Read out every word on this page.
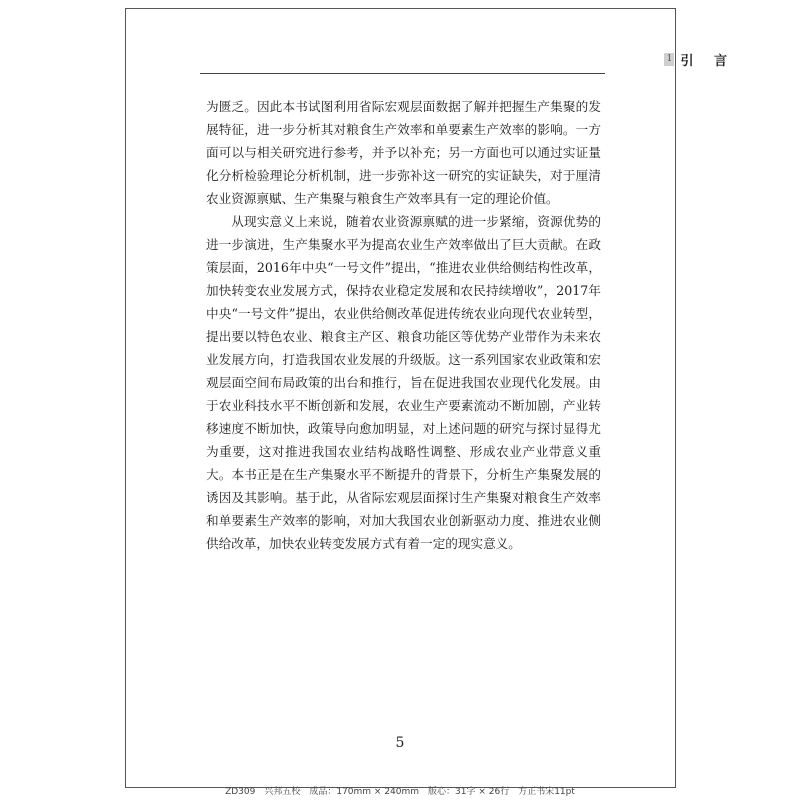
1 引 言

为匮乏。因此本书试图利用省际宏观层面数据了解并把握生产集聚的发展特征，进一步分析其对粮食生产效率和单要素生产效率的影响。一方面可以与相关研究进行参考，并予以补充；另一方面也可以通过实证量化分析检验理论分析机制，进一步弥补这一研究的实证缺失，对于厘清农业资源禀赋、生产集聚与粮食生产效率具有一定的理论价值。

从现实意义上来说，随着农业资源禀赋的进一步紧缩，资源优势的进一步演进，生产集聚水平为提高农业生产效率做出了巨大贡献。在政策层面，2016年中央“一号文件”提出，“推进农业供给侧结构性改革，加快转变农业发展方式，保持农业稳定发展和农民持续增收”，2017年中央“一号文件”提出，农业供给侧改革促进传统农业向现代农业转型，提出要以特色农业、粮食主产区、粮食功能区等优势产业带作为未来农业发展方向，打造我国农业发展的升级版。这一系列国家农业政策和宏观层面空间布局政策的出台和推行，旨在促进我国农业现代化发展。由于农业科技水平不断创新和发展，农业生产要素流动不断加剧，产业转移速度不断加快，政策导向愈加明显，对上述问题的研究与探讨显得尤为重要，这对推进我国农业结构战略性调整、形成农业产业带意义重大。本书正是在生产集聚水平不断提升的背景下，分析生产集聚发展的诱因及其影响。基于此，从省际宏观层面探讨生产集聚对粮食生产效率和单要素生产效率的影响，对加大我国农业创新驱动力度、推进农业侧供给改革，加快农业转变发展方式有着一定的现实意义。

5
ZD309　兴邦五校　成品：170mm × 240mm　版心：31字 × 26行　方正书宋11pt
